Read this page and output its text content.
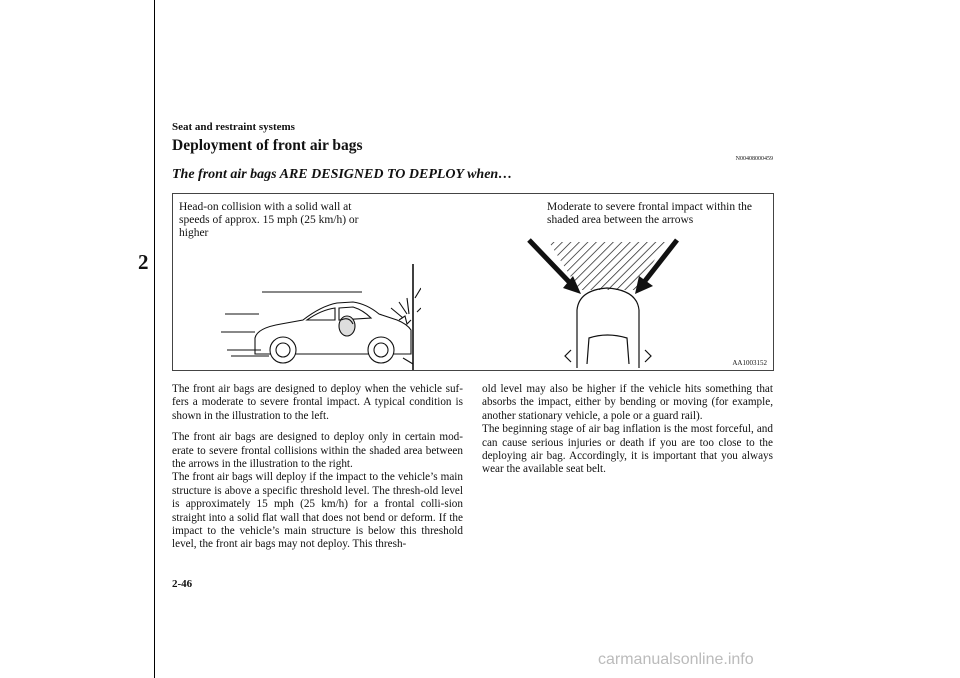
2
Seat and restraint systems
Deployment of front air bags
N00408000459
The front air bags ARE DESIGNED TO DEPLOY when…
Head-on collision with a solid wall at speeds of approx. 15 mph (25 km/h) or higher
Moderate to severe frontal impact within the shaded area between the arrows
AA1003152

The front air bags are designed to deploy when the vehicle suf-fers a moderate to severe frontal impact. A typical condition is shown in the illustration to the left.

The front air bags are designed to deploy only in certain mod-erate to severe frontal collisions within the shaded area between the arrows in the illustration to the right.

The front air bags will deploy if the impact to the vehicle’s main structure is above a specific threshold level. The thresh-old level is approximately 15 mph (25 km/h) for a frontal colli-sion straight into a solid flat wall that does not bend or deform. If the impact to the vehicle’s main structure is below this threshold level, the front air bags may not deploy. This thresh-

old level may also be higher if the vehicle hits something that absorbs the impact, either by bending or moving (for example, another stationary vehicle, a pole or a guard rail).

The beginning stage of air bag inflation is the most forceful, and can cause serious injuries or death if you are too close to the deploying air bag. Accordingly, it is important that you always wear the available seat belt.

2-46
carmanualsonline.info
